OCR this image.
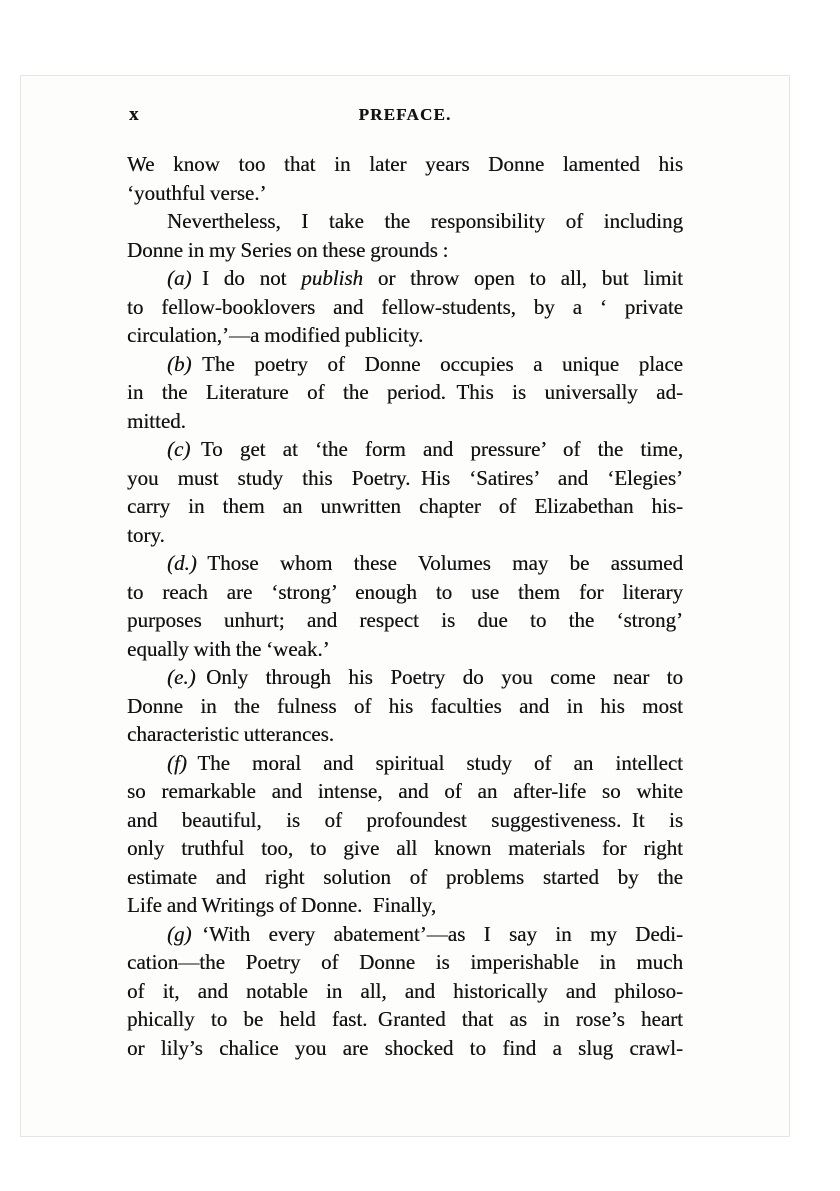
x	PREFACE.
We know too that in later years Donne lamented his
‘youthful verse.’
Nevertheless, I take the responsibility of including
Donne in my Series on these grounds :
(a) I do not publish or throw open to all, but limit
to fellow-booklovers and fellow-students, by a ‘ private
circulation,’—a modified publicity.
(b) The poetry of Donne occupies a unique place
in the Literature of the period. This is universally ad-
mitted.
(c) To get at ‘the form and pressure’ of the time,
you must study this Poetry. His ‘Satires’ and ‘Elegies’
carry in them an unwritten chapter of Elizabethan his-
tory.
(d.) Those whom these Volumes may be assumed
to reach are ‘strong’ enough to use them for literary
purposes unhurt; and respect is due to the ‘strong’
equally with the ‘weak.’
(e.) Only through his Poetry do you come near to
Donne in the fulness of his faculties and in his most
characteristic utterances.
(f) The moral and spiritual study of an intellect
so remarkable and intense, and of an after-life so white
and beautiful, is of profoundest suggestiveness. It is
only truthful too, to give all known materials for right
estimate and right solution of problems started by the
Life and Writings of Donne. Finally,
(g) ‘With every abatement’—as I say in my Dedi-
cation—the Poetry of Donne is imperishable in much
of it, and notable in all, and historically and philoso-
phically to be held fast. Granted that as in rose’s heart
or lily’s chalice you are shocked to find a slug crawl-
